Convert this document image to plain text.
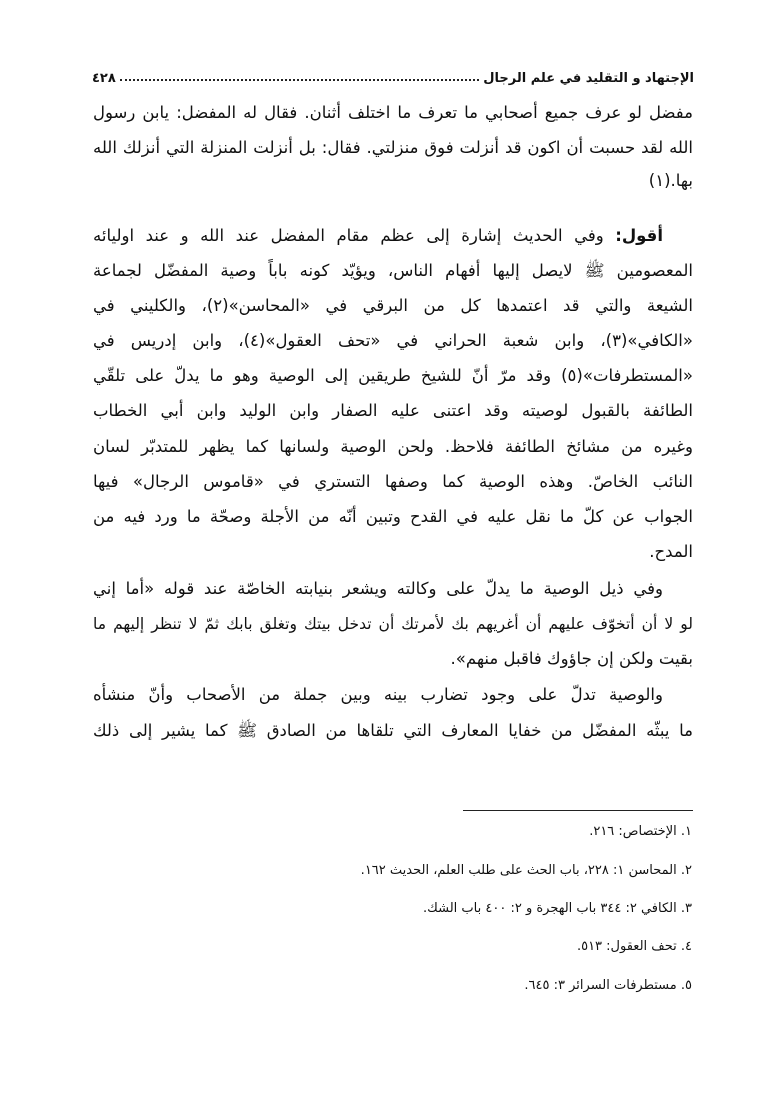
الإجتهاد و التقليد في علم الرجال
٤٢٨
مفضل لو عرف جميع أصحابي ما تعرف ما اختلف أثنان. فقال له المفضل: يابن رسول
الله لقد حسبت أن اكون قد أنزلت فوق منزلتي. فقال: بل أنزلت المنزلة التي أنزلك الله
بها.(١)
أقول: وفي الحديث إشارة إلى عظم مقام المفضل عند الله و عند اوليائه
المعصومين ﷺ لايصل إليها أفهام الناس، ويؤيّد كونه باباً وصية المفضّل لجماعة
الشيعة والتي قد اعتمدها كل من البرقي في «المحاسن»(٢)، والكليني في
«الكافي»(٣)، وابن شعبة الحراني في «تحف العقول»(٤)، وابن إدريس في
«المستطرفات»(٥) وقد مرّ أنّ للشيخ طريقين إلى الوصية وهو ما يدلّ على تلقّي
الطائفة بالقبول لوصيته وقد اعتنى عليه الصفار وابن الوليد وابن أبي الخطاب
وغيره من مشائخ الطائفة فلاحظ. ولحن الوصية ولسانها كما يظهر للمتدبّر لسان
النائب الخاصّ. وهذه الوصية كما وصفها التستري في «قاموس الرجال» فيها
الجواب عن كلّ ما نقل عليه في القدح وتبين أنّه من الأجلة وصحّة ما ورد فيه من
المدح.
وفي ذيل الوصية ما يدلّ على وكالته ويشعر بنيابته الخاصّة عند قوله «أما إني
لو لا أن أتخوّف عليهم أن أغريهم بك لأمرتك أن تدخل بيتك وتغلق بابك ثمّ لا تنظر إليهم ما
بقيت ولكن إن جاؤوك فاقبل منهم».
والوصية تدلّ على وجود تضارب بينه وبين جملة من الأصحاب وأنّ منشأه
ما يبثّه المفضّل من خفايا المعارف التي تلقاها من الصادق ﷺ كما يشير إلى ذلك
١. الإختصاص: ٢١٦.
٢. المحاسن ١: ٢٢٨، باب الحث على طلب العلم، الحديث ١٦٢.
٣. الكافي ٢: ٣٤٤ باب الهجرة و ٢: ٤٠٠ باب الشك.
٤. تحف العقول: ٥١٣.
٥. مستطرفات السرائر ٣: ٦٤٥.
